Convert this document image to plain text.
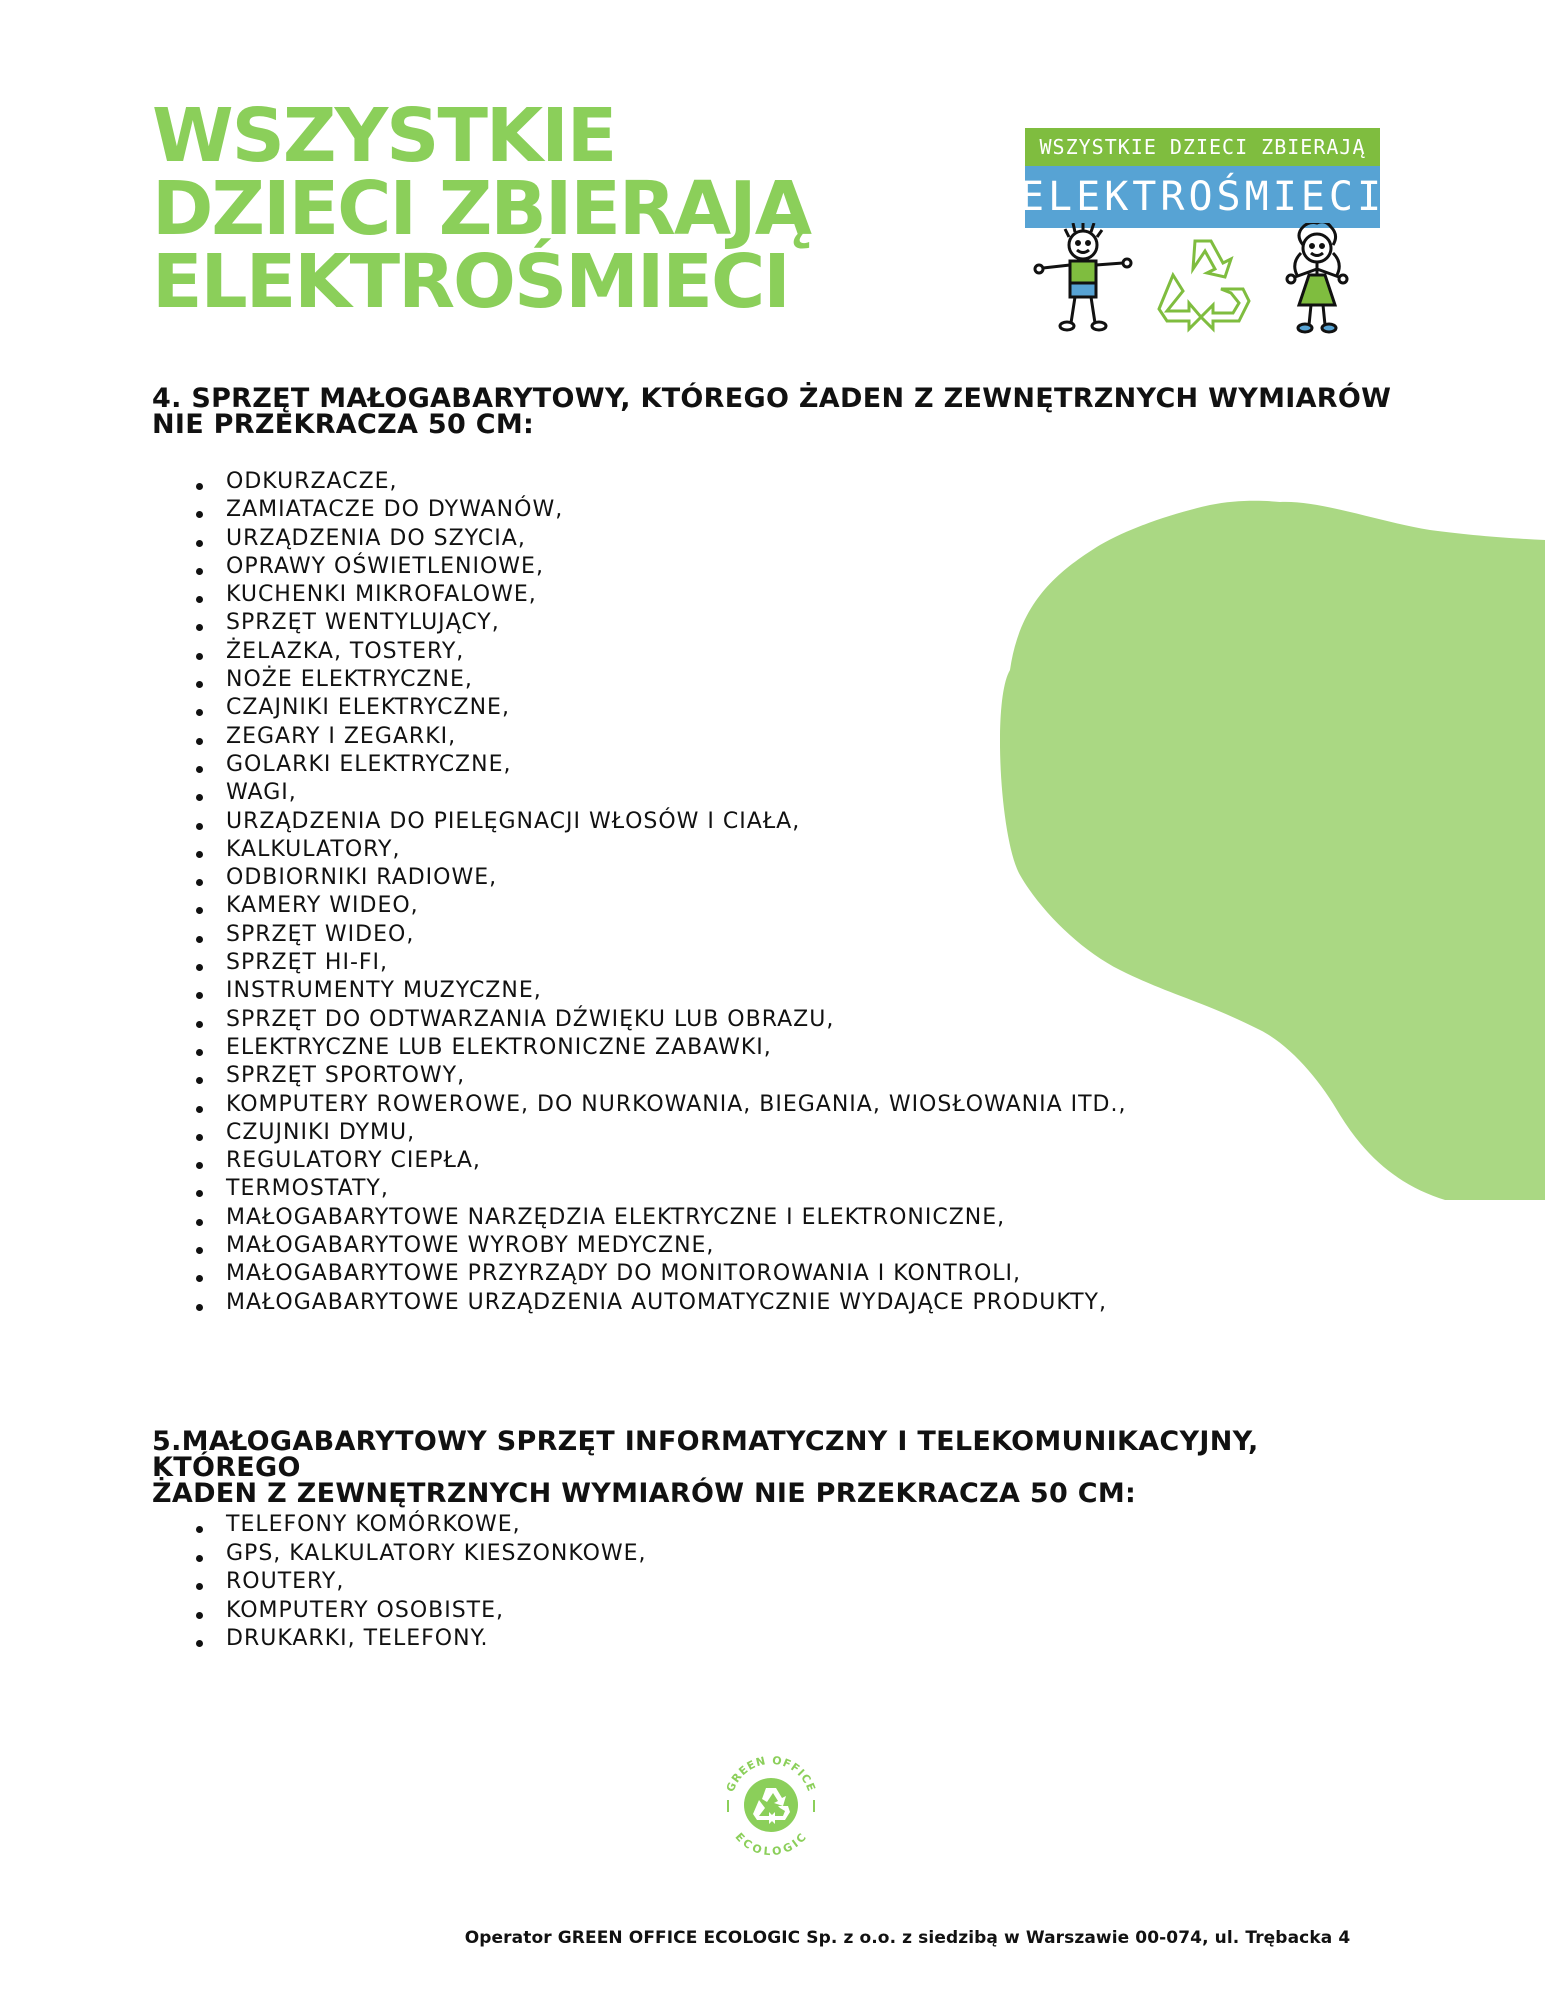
WSZYSTKIE
DZIECI ZBIERAJĄ
ELEKTROŚMIECI
WSZYSTKIE DZIECI ZBIERAJĄ
ELEKTROŚMIECI
4. SPRZĘT MAŁOGABARYTOWY, KTÓREGO ŻADEN Z ZEWNĘTRZNYCH WYMIARÓW
NIE PRZEKRACZA 50 CM:
ODKURZACZE,
ZAMIATACZE DO DYWANÓW,
URZĄDZENIA DO SZYCIA,
OPRAWY OŚWIETLENIOWE,
KUCHENKI MIKROFALOWE,
SPRZĘT WENTYLUJĄCY,
ŻELAZKA, TOSTERY,
NOŻE ELEKTRYCZNE,
CZAJNIKI ELEKTRYCZNE,
ZEGARY I ZEGARKI,
GOLARKI ELEKTRYCZNE,
WAGI,
URZĄDZENIA DO PIELĘGNACJI WŁOSÓW I CIAŁA,
KALKULATORY,
ODBIORNIKI RADIOWE,
KAMERY WIDEO,
SPRZĘT WIDEO,
SPRZĘT HI-FI,
INSTRUMENTY MUZYCZNE,
SPRZĘT DO ODTWARZANIA DŹWIĘKU LUB OBRAZU,
ELEKTRYCZNE LUB ELEKTRONICZNE ZABAWKI,
SPRZĘT SPORTOWY,
KOMPUTERY ROWEROWE, DO NURKOWANIA, BIEGANIA, WIOSŁOWANIA ITD.,
CZUJNIKI DYMU,
REGULATORY CIEPŁA,
TERMOSTATY,
MAŁOGABARYTOWE NARZĘDZIA ELEKTRYCZNE I ELEKTRONICZNE,
MAŁOGABARYTOWE WYROBY MEDYCZNE,
MAŁOGABARYTOWE PRZYRZĄDY DO MONITOROWANIA I KONTROLI,
MAŁOGABARYTOWE URZĄDZENIA AUTOMATYCZNIE WYDAJĄCE PRODUKTY,
5.MAŁOGABARYTOWY SPRZĘT INFORMATYCZNY I TELEKOMUNIKACYJNY, KTÓREGO
ŻADEN Z ZEWNĘTRZNYCH WYMIARÓW NIE PRZEKRACZA 50 CM:
TELEFONY KOMÓRKOWE,
GPS, KALKULATORY KIESZONKOWE,
ROUTERY,
KOMPUTERY OSOBISTE,
DRUKARKI, TELEFONY.
GREEN OFFICE
ECOLOGIC
Operator GREEN OFFICE ECOLOGIC Sp. z o.o. z siedzibą w Warszawie 00-074, ul. Trębacka 4
